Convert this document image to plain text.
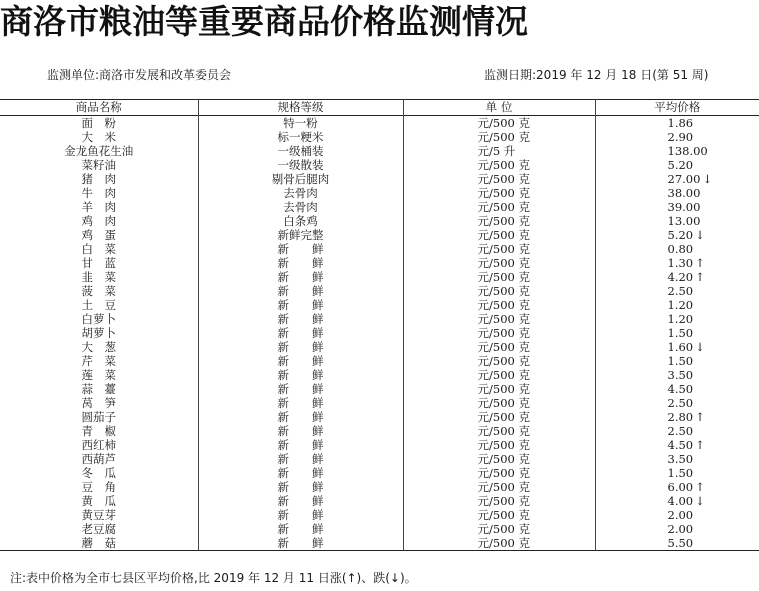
商洛市粮油等重要商品价格监测情况
监测单位:商洛市发展和改革委员会	监测日期:2019 年 12 月 18 日(第 51 周)
商品名称	规格等级	单 位	平均价格
面　粉	特一粉	元/500 克	1.86
大　米	标一粳米	元/500 克	2.90
金龙鱼花生油	一级桶装	元/5 升	138.00
菜籽油	一级散装	元/500 克	5.20
猪　肉	剔骨后腿肉	元/500 克	27.00 ↓
牛　肉	去骨肉	元/500 克	38.00
羊　肉	去骨肉	元/500 克	39.00
鸡　肉	白条鸡	元/500 克	13.00
鸡　蛋	新鲜完整	元/500 克	5.20 ↓
白　菜	新　　鲜	元/500 克	0.80
甘　蓝	新　　鲜	元/500 克	1.30 ↑
韭　菜	新　　鲜	元/500 克	4.20 ↑
菠　菜	新　　鲜	元/500 克	2.50
土　豆	新　　鲜	元/500 克	1.20
白萝卜	新　　鲜	元/500 克	1.20
胡萝卜	新　　鲜	元/500 克	1.50
大　葱	新　　鲜	元/500 克	1.60 ↓
芹　菜	新　　鲜	元/500 克	1.50
莲　菜	新　　鲜	元/500 克	3.50
蒜　薹	新　　鲜	元/500 克	4.50
莴　笋	新　　鲜	元/500 克	2.50
圆茄子	新　　鲜	元/500 克	2.80 ↑
青　椒	新　　鲜	元/500 克	2.50
西红柿	新　　鲜	元/500 克	4.50 ↑
西葫芦	新　　鲜	元/500 克	3.50
冬　瓜	新　　鲜	元/500 克	1.50
豆　角	新　　鲜	元/500 克	6.00 ↑
黄　瓜	新　　鲜	元/500 克	4.00 ↓
黄豆芽	新　　鲜	元/500 克	2.00
老豆腐	新　　鲜	元/500 克	2.00
蘑　菇	新　　鲜	元/500 克	5.50
注:表中价格为全市七县区平均价格,比 2019 年 12 月 11 日涨(↑)、跌(↓)。
